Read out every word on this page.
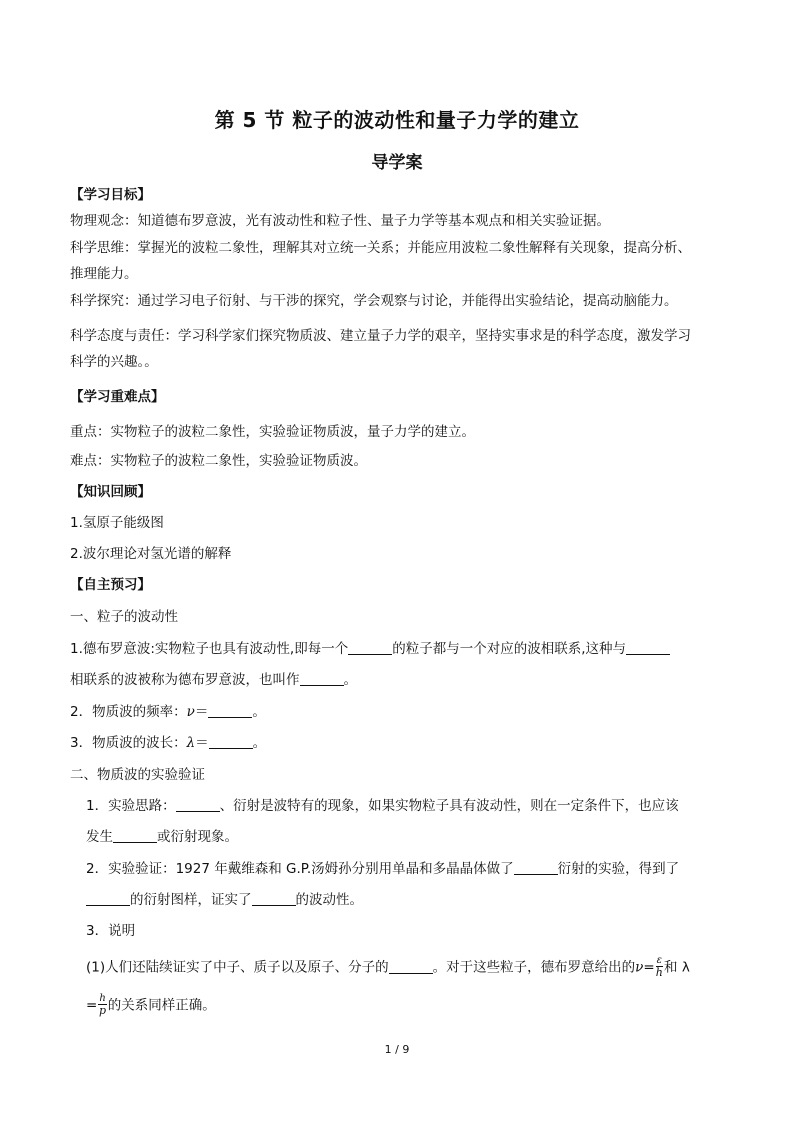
第 5 节 粒子的波动性和量子力学的建立
导学案
【学习目标】
物理观念：知道德布罗意波，光有波动性和粒子性、量子力学等基本观点和相关实验证据。
科学思维：掌握光的波粒二象性，理解其对立统一关系；并能应用波粒二象性解释有关现象，提高分析、
推理能力。
科学探究：通过学习电子衍射、与干涉的探究，学会观察与讨论，并能得出实验结论，提高动脑能力。
科学态度与责任：学习科学家们探究物质波、建立量子力学的艰辛，坚持实事求是的科学态度，激发学习
科学的兴趣。。
【学习重难点】
重点：实物粒子的波粒二象性，实验验证物质波，量子力学的建立。
难点：实物粒子的波粒二象性，实验验证物质波。
【知识回顾】
1.氢原子能级图
2.波尔理论对氢光谱的解释
【自主预习】
一、粒子的波动性
1.德布罗意波:实物粒子也具有波动性,即每一个	的粒子都与一个对应的波相联系,这种与
相联系的波被称为德布罗意波，也叫作	。
2．物质波的频率：ν＝	。
3．物质波的波长：λ＝	。
二、物质波的实验验证
1．实验思路：	、衍射是波特有的现象，如果实物粒子具有波动性，则在一定条件下，也应该
发生	或衍射现象。
2．实验验证：1927 年戴维森和 G.P.汤姆孙分别用单晶和多晶晶体做了	衍射的实验，得到了
的衍射图样，证实了	的波动性。
3．说明
(1)人们还陆续证实了中子、质子以及原子、分子的	。对于这些粒子，德布罗意给出的$\nu= \frac{\varepsilon}{h}$ 和 λ
= $\frac{h}{p}$ 的关系同样正确。
1 / 9
